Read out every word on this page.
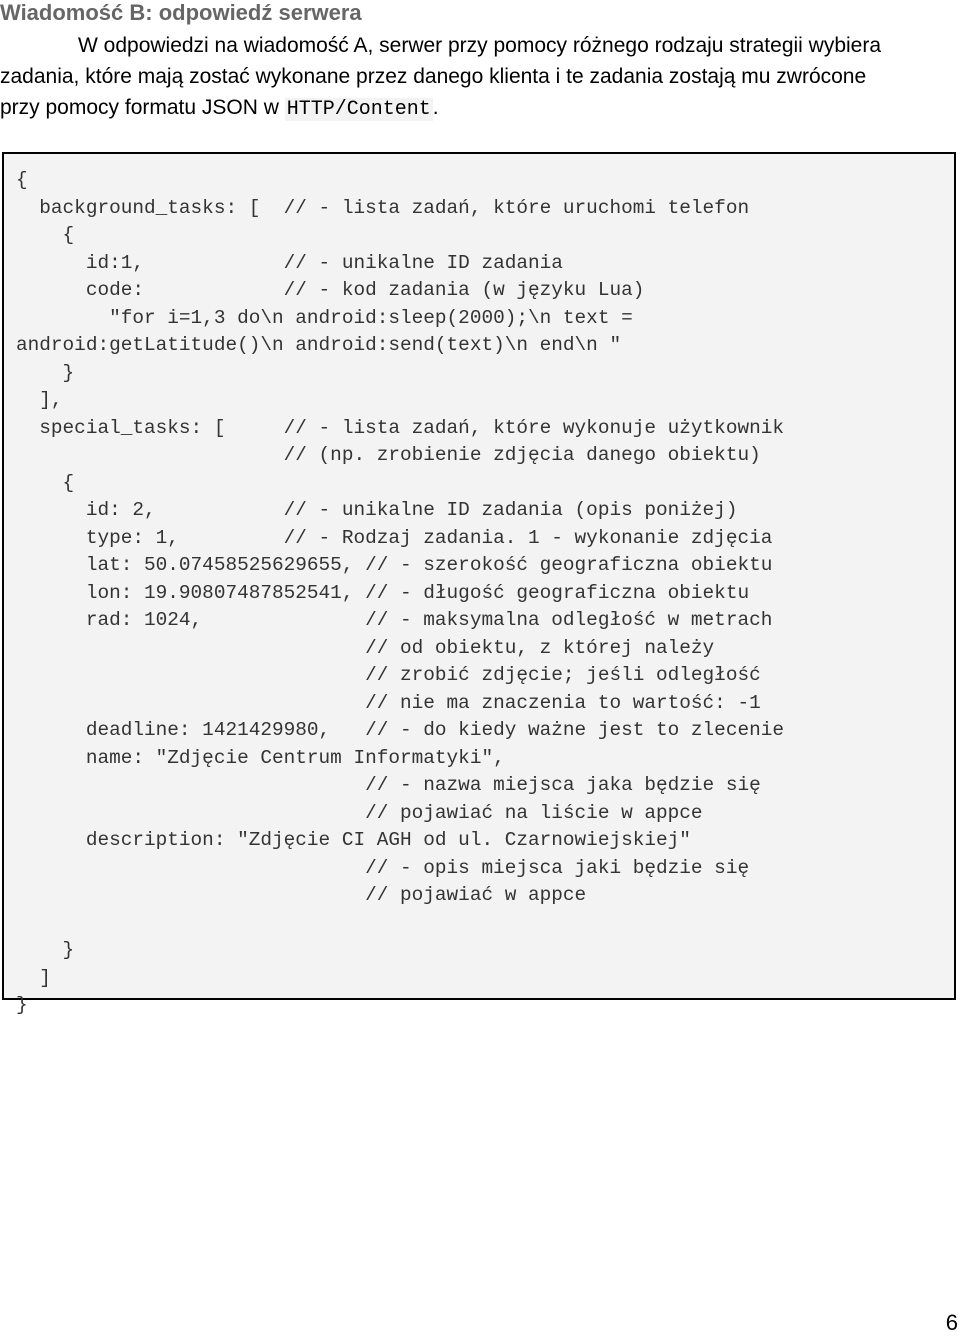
Wiadomość B: odpowiedź serwera
W odpowiedzi na wiadomość A, serwer przy pomocy różnego rodzaju strategii wybiera
zadania, które mają zostać wykonane przez danego klienta i te zadania zostają mu zwrócone
przy pomocy formatu JSON w HTTP/Content.
{
background_tasks: [  // - lista zadań, które uruchomi telefon
{
id:1,            // - unikalne ID zadania
code:            // - kod zadania (w języku Lua)
"for i=1,3 do\n android:sleep(2000);\n text =
android:getLatitude()\n android:send(text)\n end\n "
}
],
special_tasks: [     // - lista zadań, które wykonuje użytkownik
// (np. zrobienie zdjęcia danego obiektu)
{
id: 2,           // - unikalne ID zadania (opis poniżej)
type: 1,         // - Rodzaj zadania. 1 - wykonanie zdjęcia
lat: 50.07458525629655, // - szerokość geograficzna obiektu
lon: 19.90807487852541, // - długość geograficzna obiektu
rad: 1024,              // - maksymalna odległość w metrach
// od obiektu, z której należy
// zrobić zdjęcie; jeśli odległość
// nie ma znaczenia to wartość: -1
deadline: 1421429980,   // - do kiedy ważne jest to zlecenie
name: "Zdjęcie Centrum Informatyki",
// - nazwa miejsca jaka będzie się
// pojawiać na liście w appce
description: "Zdjęcie CI AGH od ul. Czarnowiejskiej"
// - opis miejsca jaki będzie się
// pojawiać w appce
}
]
}
6
